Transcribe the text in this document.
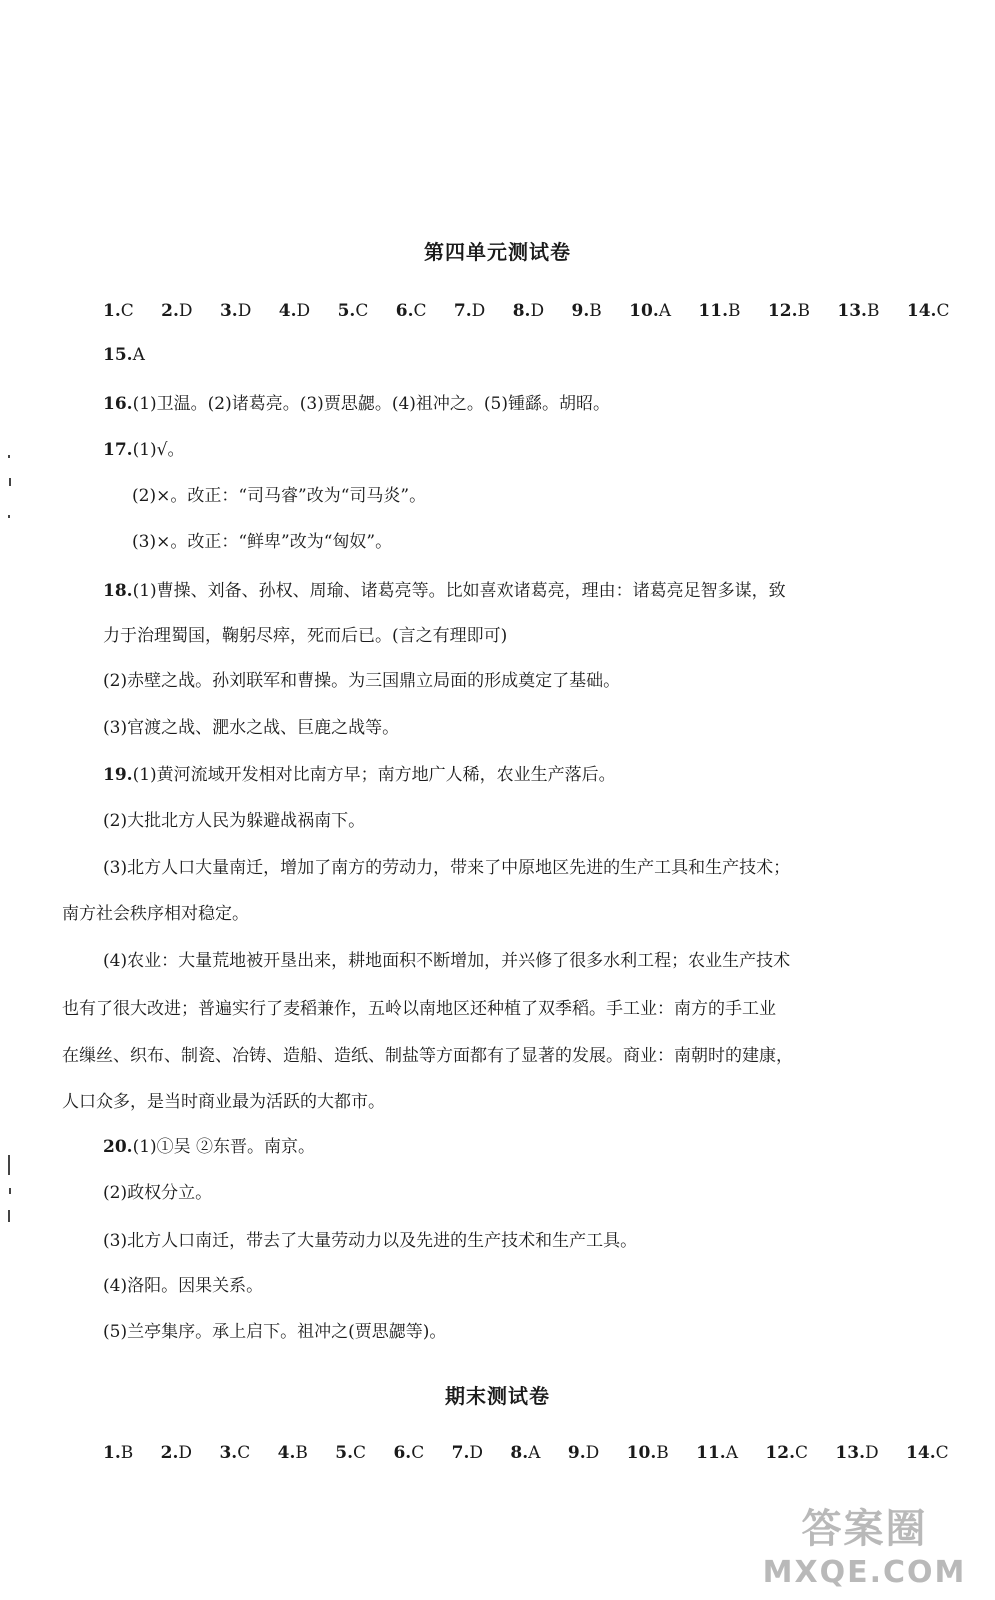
第四单元测试卷
1.C 2.D 3.D 4.D 5.C 6.C 7.D 8.D 9.B 10.A 11.B 12.B 13.B 14.C
15.A
16.(1)卫温。(2)诸葛亮。(3)贾思勰。(4)祖冲之。(5)锺繇。胡昭。
17.(1)√。
(2)×。改正：“司马睿”改为“司马炎”。
(3)×。改正：“鲜卑”改为“匈奴”。
18.(1)曹操、刘备、孙权、周瑜、诸葛亮等。比如喜欢诸葛亮，理由：诸葛亮足智多谋，致
力于治理蜀国，鞠躬尽瘁，死而后已。(言之有理即可)
(2)赤壁之战。孙刘联军和曹操。为三国鼎立局面的形成奠定了基础。
(3)官渡之战、淝水之战、巨鹿之战等。
19.(1)黄河流域开发相对比南方早；南方地广人稀，农业生产落后。
(2)大批北方人民为躲避战祸南下。
(3)北方人口大量南迁，增加了南方的劳动力，带来了中原地区先进的生产工具和生产技术；
南方社会秩序相对稳定。
(4)农业：大量荒地被开垦出来，耕地面积不断增加，并兴修了很多水利工程；农业生产技术
也有了很大改进；普遍实行了麦稻兼作，五岭以南地区还种植了双季稻。手工业：南方的手工业
在缫丝、织布、制瓷、冶铸、造船、造纸、制盐等方面都有了显著的发展。商业：南朝时的建康，
人口众多，是当时商业最为活跃的大都市。
20.(1)①吴 ②东晋。南京。
(2)政权分立。
(3)北方人口南迁，带去了大量劳动力以及先进的生产技术和生产工具。
(4)洛阳。因果关系。
(5)兰亭集序。承上启下。祖冲之(贾思勰等)。
期末测试卷
1.B 2.D 3.C 4.B 5.C 6.C 7.D 8.A 9.D 10.B 11.A 12.C 13.D 14.C
答案圈
MXQE.COM
